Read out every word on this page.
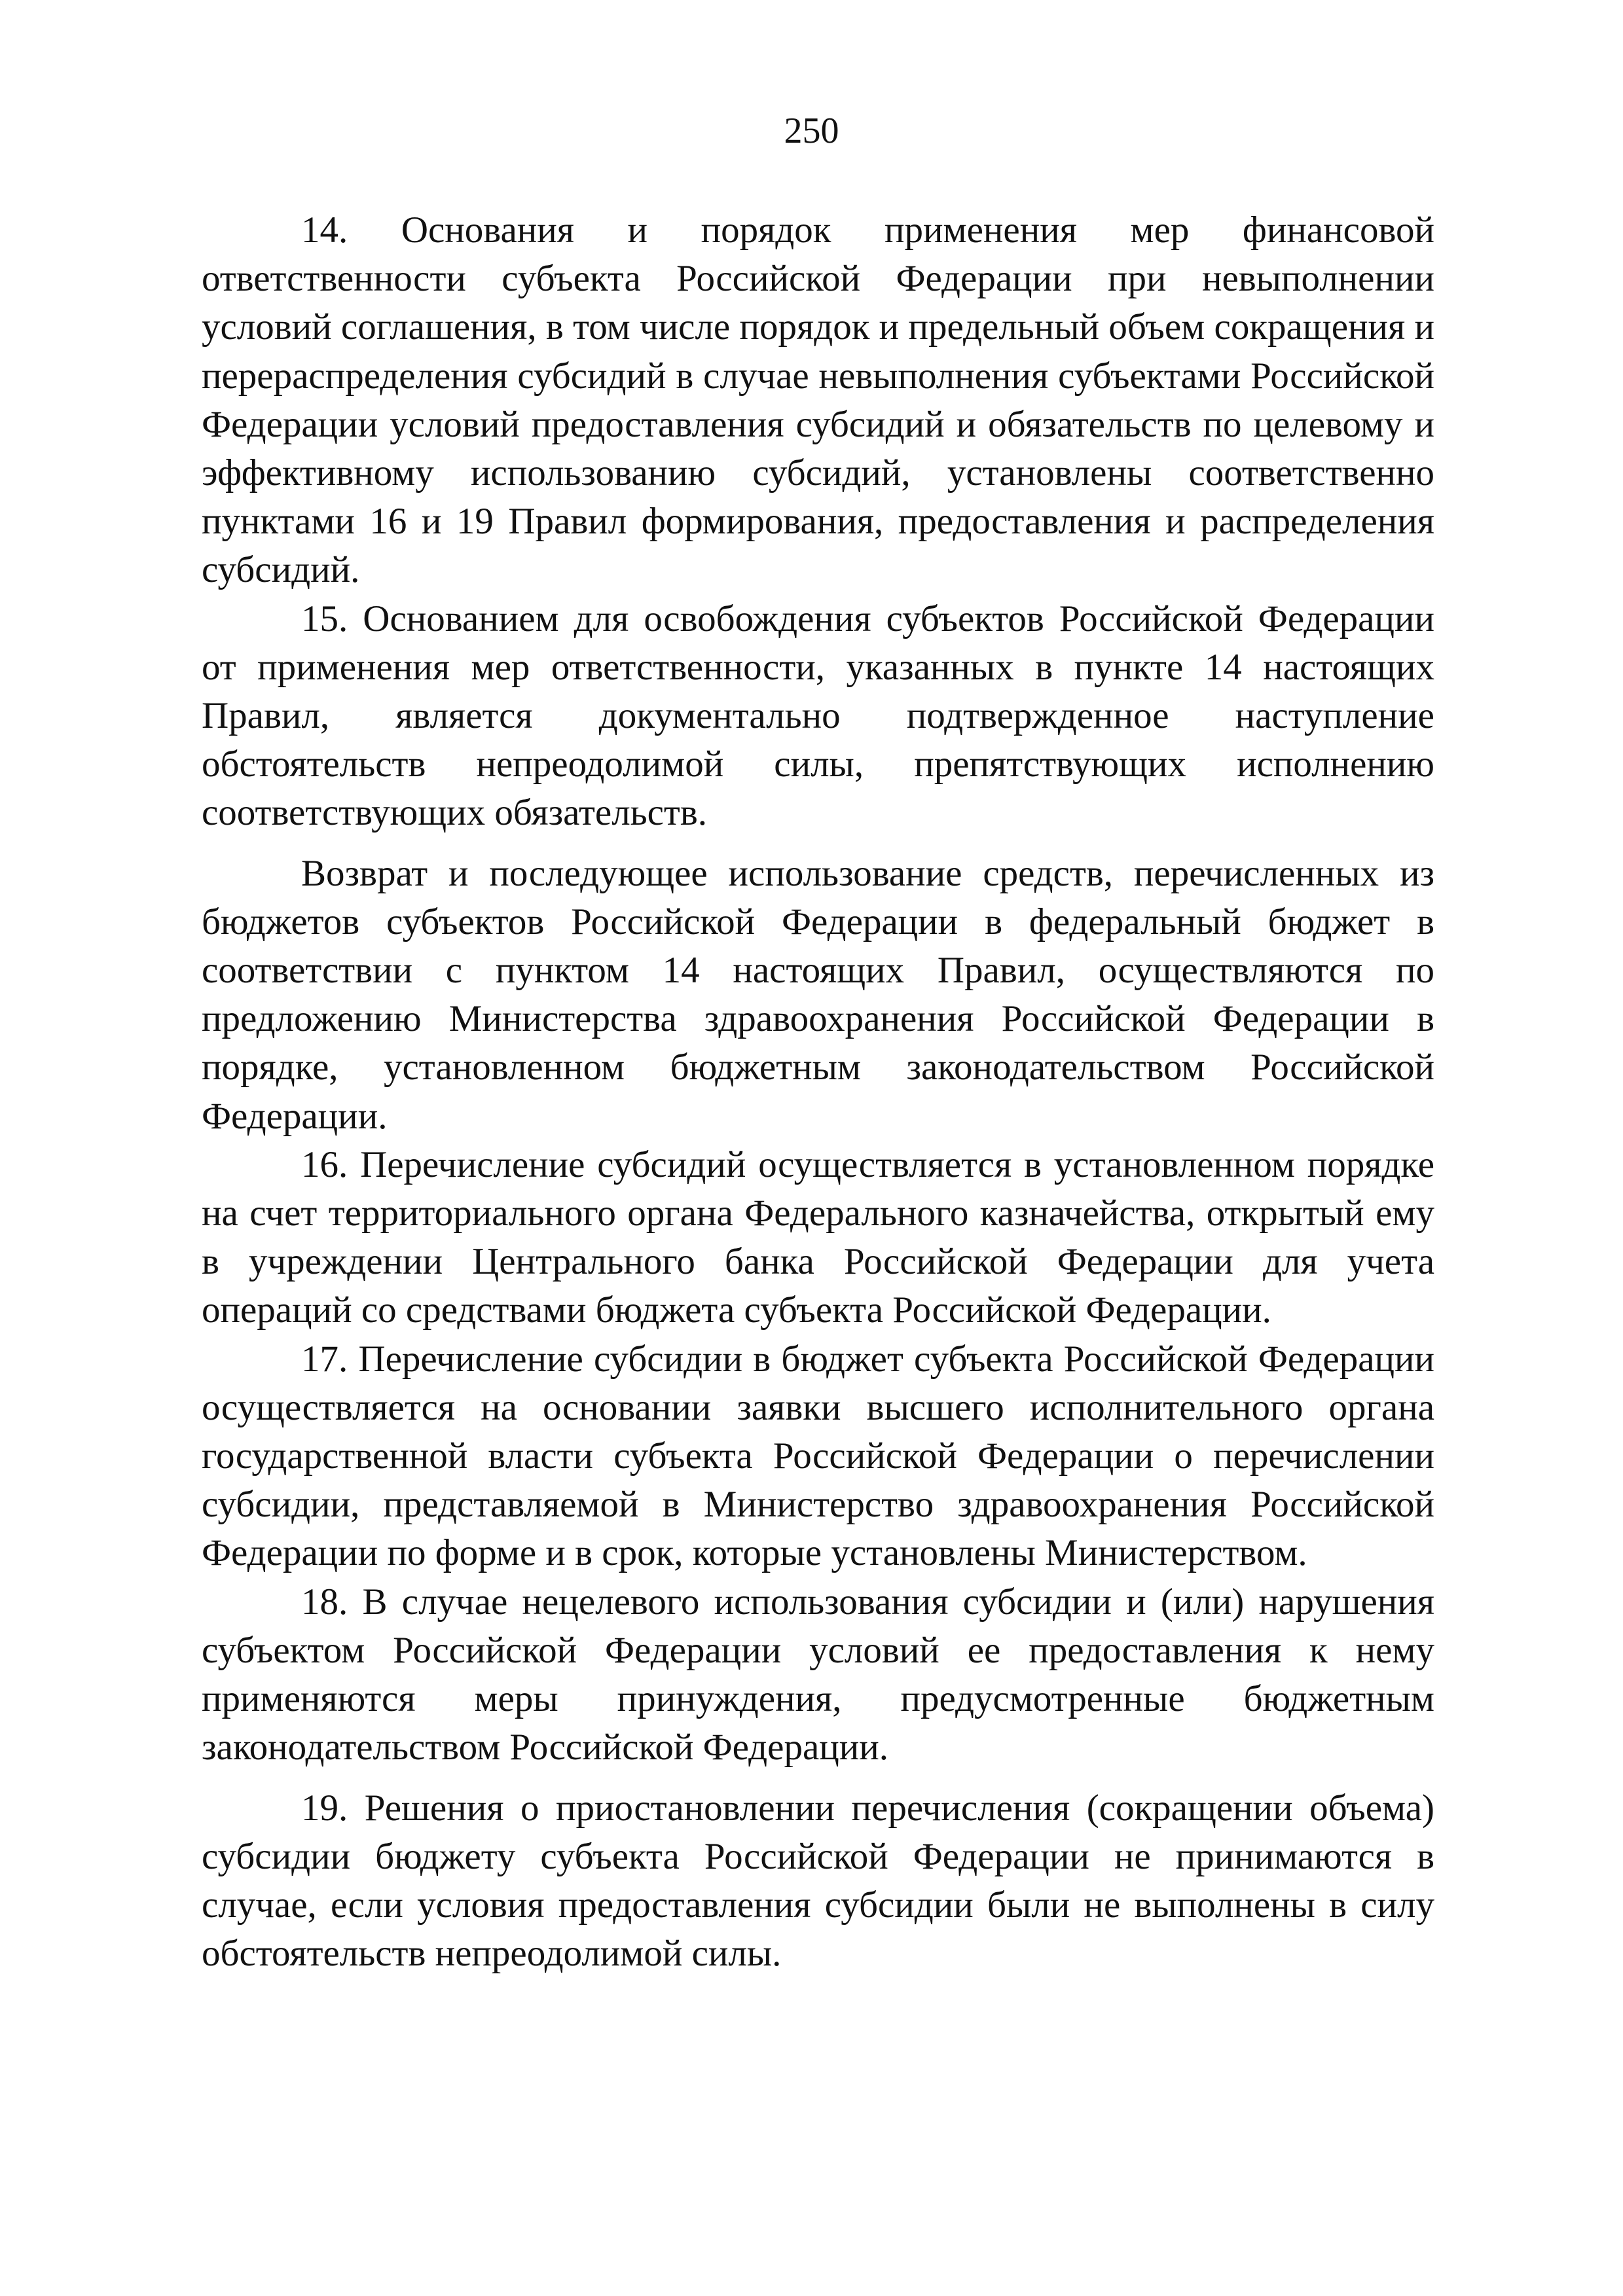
250

14. Основания и порядок применения мер финансовой ответственности субъекта Российской Федерации при невыполнении условий соглашения, в том числе порядок и предельный объем сокращения и перераспределения субсидий в случае невыполнения субъектами Российской Федерации условий предоставления субсидий и обязательств по целевому и эффективному использованию субсидий, установлены соответственно пунктами 16 и 19 Правил формирования, предоставления и распределения субсидий.

15. Основанием для освобождения субъектов Российской Федерации от применения мер ответственности, указанных в пункте 14 настоящих Правил, является документально подтвержденное наступление обстоятельств непреодолимой силы, препятствующих исполнению соответствующих обязательств.

Возврат и последующее использование средств, перечисленных из бюджетов субъектов Российской Федерации в федеральный бюджет в соответствии с пунктом 14 настоящих Правил, осуществляются по предложению Министерства здравоохранения Российской Федерации в порядке, установленном бюджетным законодательством Российской Федерации.

16. Перечисление субсидий осуществляется в установленном порядке на счет территориального органа Федерального казначейства, открытый ему в учреждении Центрального банка Российской Федерации для учета операций со средствами бюджета субъекта Российской Федерации.

17. Перечисление субсидии в бюджет субъекта Российской Федерации осуществляется на основании заявки высшего исполнительного органа государственной власти субъекта Российской Федерации о перечислении субсидии, представляемой в Министерство здравоохранения Российской Федерации по форме и в срок, которые установлены Министерством.

18. В случае нецелевого использования субсидии и (или) нарушения субъектом Российской Федерации условий ее предоставления к нему применяются меры принуждения, предусмотренные бюджетным законодательством Российской Федерации.

19. Решения о приостановлении перечисления (сокращении объема) субсидии бюджету субъекта Российской Федерации не принимаются в случае, если условия предоставления субсидии были не выполнены в силу обстоятельств непреодолимой силы.
